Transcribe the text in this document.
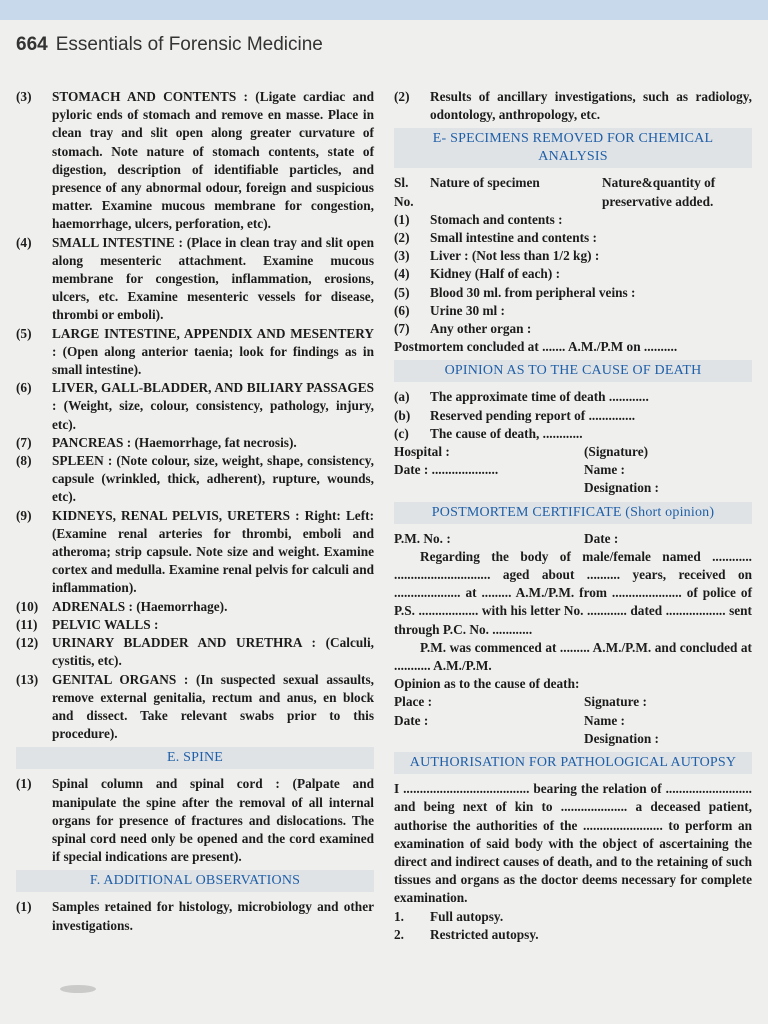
664 Essentials of Forensic Medicine
(3)	STOMACH AND CONTENTS : (Ligate cardiac and pyloric ends of stomach and remove en masse. Place in clean tray and slit open along greater curvature of stomach. Note nature of stomach contents, state of digestion, description of identifiable particles, and presence of any abnormal odour, foreign and suspicious matter. Examine mucous membrane for congestion, haemorrhage, ulcers, perforation, etc).
(4)	SMALL INTESTINE : (Place in clean tray and slit open along mesenteric attachment. Examine mucous membrane for congestion, inflammation, erosions, ulcers, etc. Examine mesenteric vessels for disease, thrombi or emboli).
(5)	LARGE INTESTINE, APPENDIX AND MESENTERY : (Open along anterior taenia; look for findings as in small intestine).
(6)	LIVER, GALL-BLADDER, AND BILIARY PASSAGES : (Weight, size, colour, consistency, pathology, injury, etc).
(7)	PANCREAS : (Haemorrhage, fat necrosis).
(8)	SPLEEN : (Note colour, size, weight, shape, consistency, capsule (wrinkled, thick, adherent), rupture, wounds, etc).
(9)	KIDNEYS, RENAL PELVIS, URETERS : Right: Left: (Examine renal arteries for thrombi, emboli and atheroma; strip capsule. Note size and weight. Examine cortex and medulla. Examine renal pelvis for calculi and inflammation).
(10)	ADRENALS : (Haemorrhage).
(11)	PELVIC WALLS :
(12)	URINARY BLADDER AND URETHRA : (Calculi, cystitis, etc).
(13)	GENITAL ORGANS : (In suspected sexual assaults, remove external genitalia, rectum and anus, en block and dissect. Take relevant swabs prior to this procedure).
E. SPINE
(1)	Spinal column and spinal cord : (Palpate and manipulate the spine after the removal of all internal organs for presence of fractures and dislocations. The spinal cord need only be opened and the cord examined if special indications are present).
F. ADDITIONAL OBSERVATIONS
(1)	Samples retained for histology, microbiology and other investigations.
(2)	Results of ancillary investigations, such as radiology, odontology, anthropology, etc.
E- SPECIMENS REMOVED FOR CHEMICAL ANALYSIS
Sl. No.
Nature of specimen	Nature&quantity of preservative added.
(1)	Stomach and contents :
(2)	Small intestine and contents :
(3)	Liver : (Not less than 1/2 kg) :
(4)	Kidney (Half of each) :
(5)	Blood 30 ml. from peripheral veins :
(6)	Urine 30 ml :
(7)	Any other organ :
Postmortem concluded at ....... A.M./P.M on ..........
OPINION AS TO THE CAUSE OF DEATH
(a)	The approximate time of death ............
(b)	Reserved pending report of ..............
(c)	The cause of death, ............
Hospital :	(Signature)
Date : ....................	Name :
Designation :
POSTMORTEM CERTIFICATE (Short opinion)
P.M. No. :	Date :
Regarding the body of male/female named ............ ............................. aged about .......... years, received on .................... at ......... A.M./P.M. from ..................... of police of P.S. .................. with his letter No. ............ dated .................. sent through P.C. No. ............
P.M. was commenced at ......... A.M./P.M. and concluded at ........... A.M./P.M.
Opinion as to the cause of death:
Place :	Signature :
Date :	Name :
Designation :
AUTHORISATION FOR PATHOLOGICAL AUTOPSY
I ...................................... bearing the relation of .......................... and being next of kin to .................... a deceased patient, authorise the authorities of the ........................ to perform an examination of said body with the object of ascertaining the direct and indirect causes of death, and to the retaining of such tissues and organs as the doctor deems necessary for complete examination.
1.	Full autopsy.
2.	Restricted autopsy.
